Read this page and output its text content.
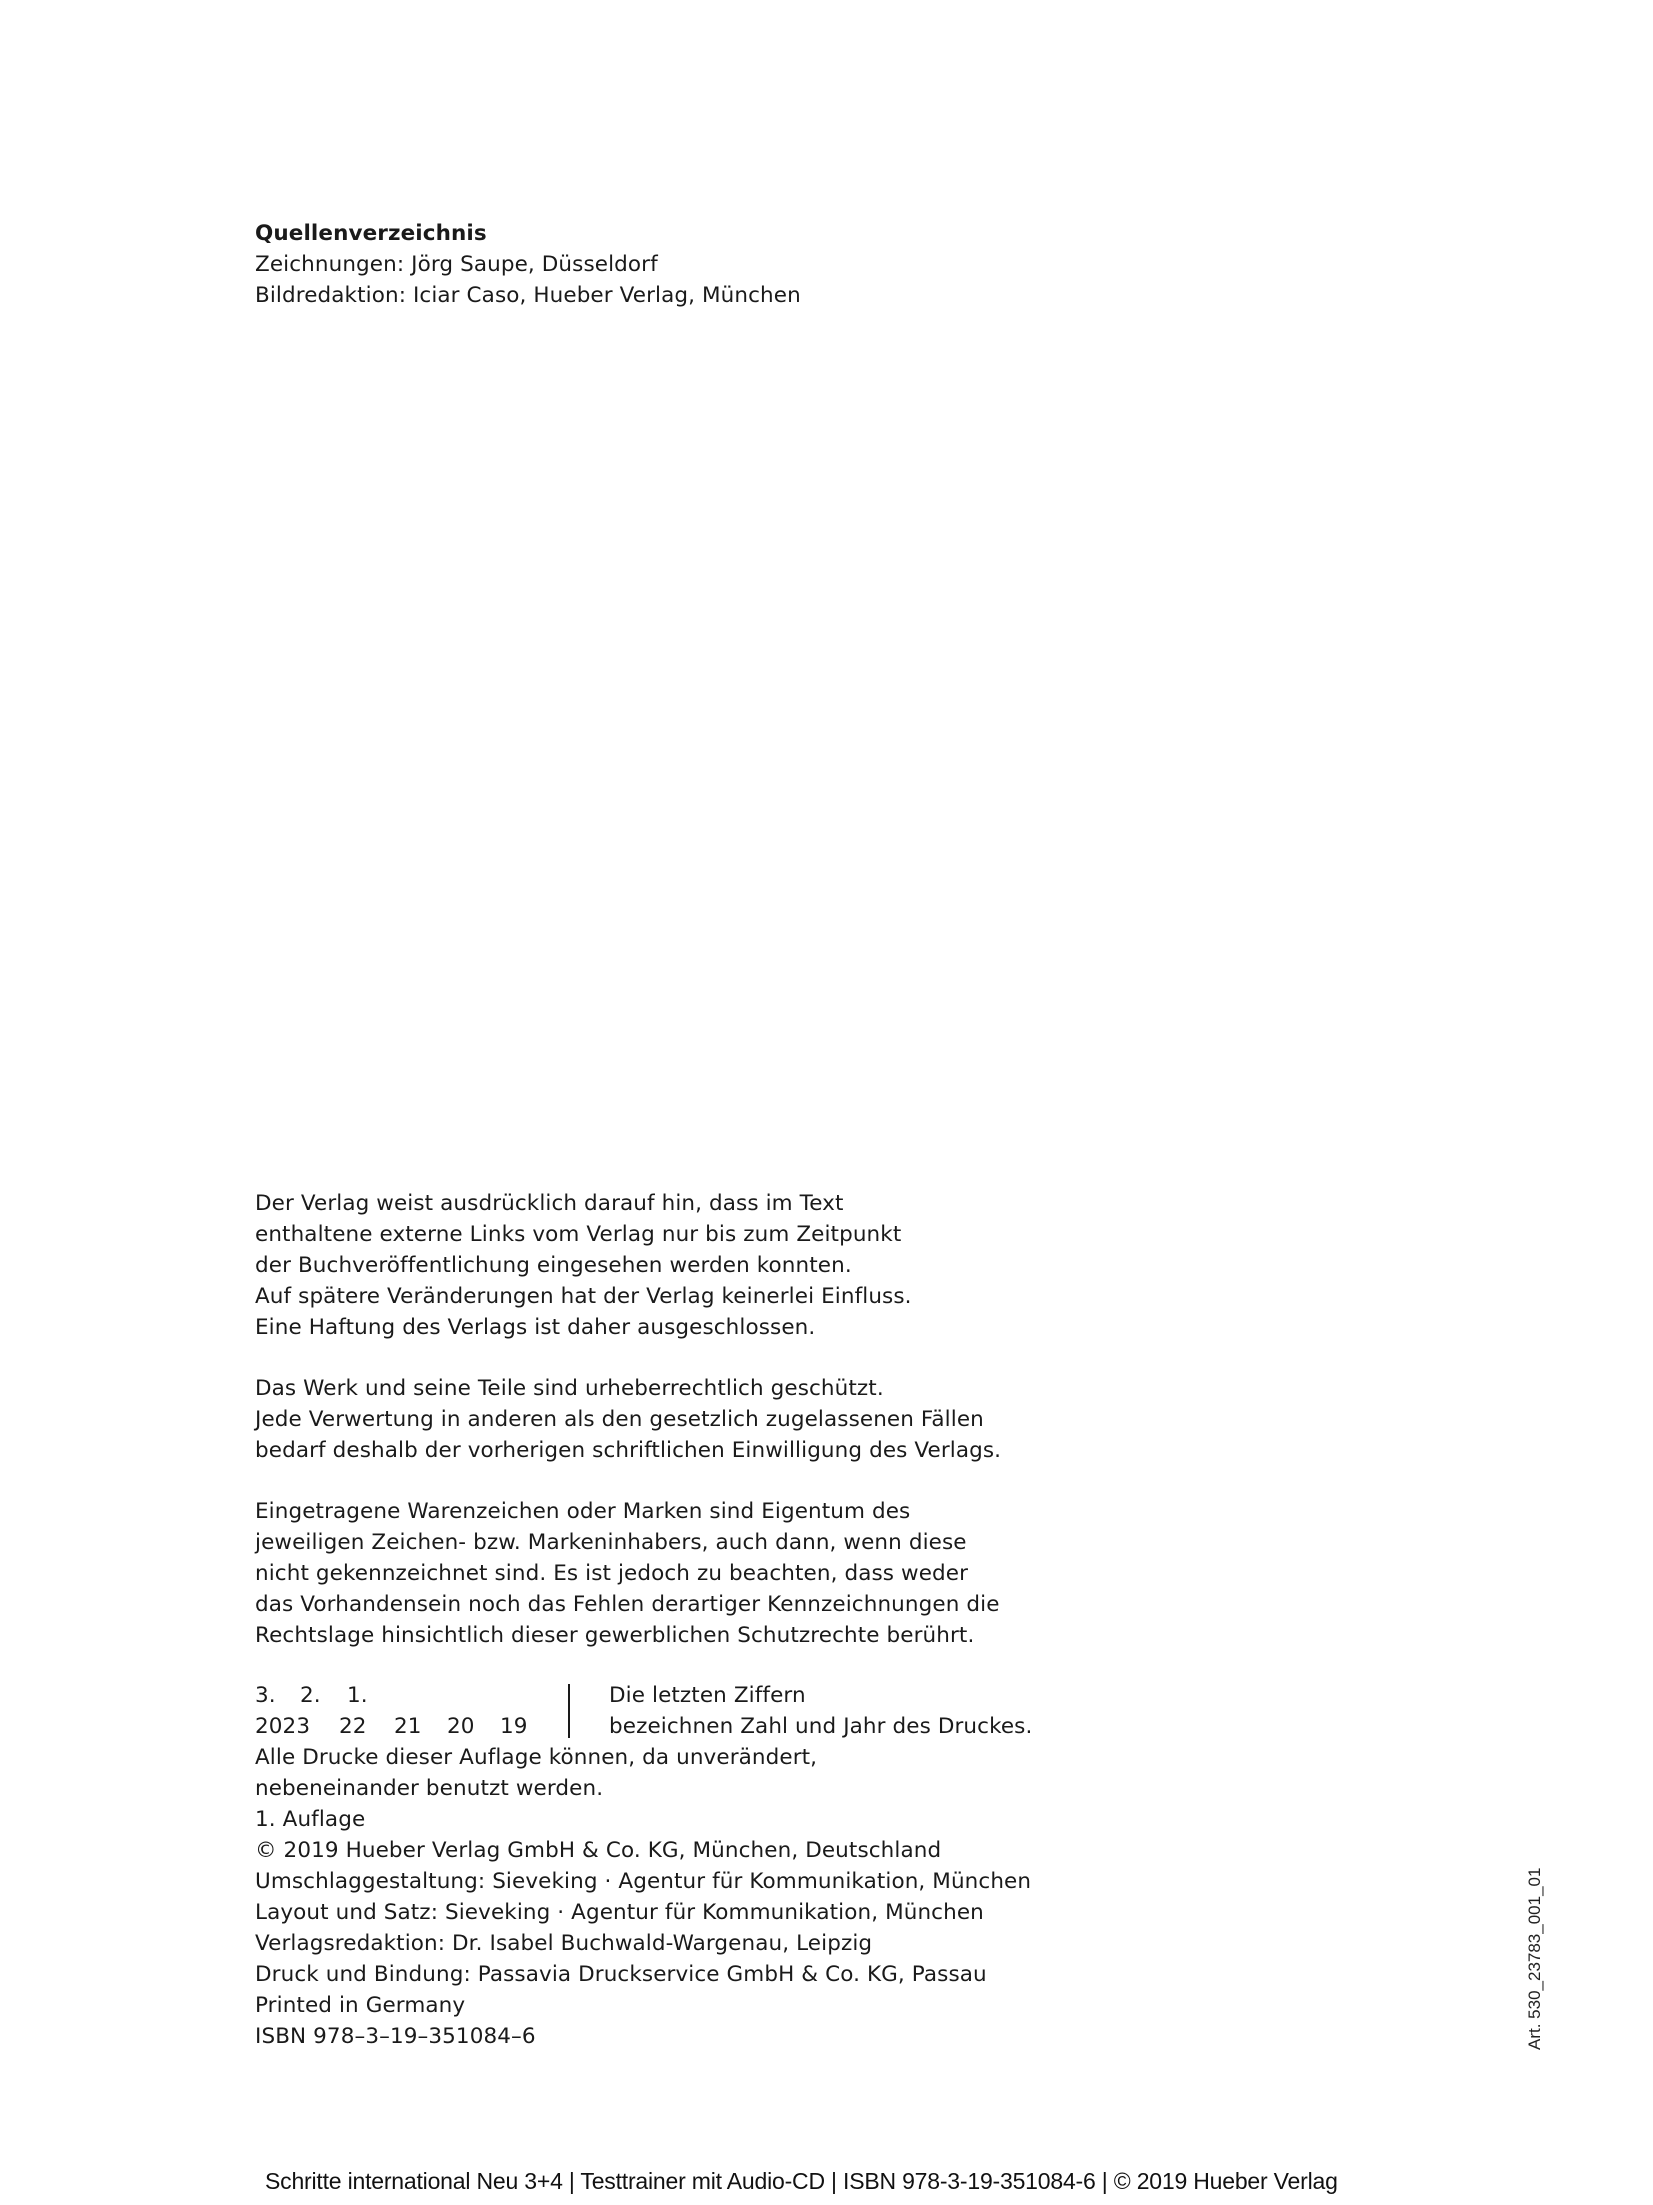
Quellenverzeichnis
Zeichnungen: Jörg Saupe, Düsseldorf
Bildredaktion: Iciar Caso, Hueber Verlag, München
Der Verlag weist ausdrücklich darauf hin, dass im Text
enthaltene externe Links vom Verlag nur bis zum Zeitpunkt
der Buchveröffentlichung eingesehen werden konnten.
Auf spätere Veränderungen hat der Verlag keinerlei Einfluss.
Eine Haftung des Verlags ist daher ausgeschlossen.
Das Werk und seine Teile sind urheberrechtlich geschützt.
Jede Verwertung in anderen als den gesetzlich zugelassenen Fällen
bedarf deshalb der vorherigen schriftlichen Einwilligung des Verlags.
Eingetragene Warenzeichen oder Marken sind Eigentum des
jeweiligen Zeichen- bzw. Markeninhabers, auch dann, wenn diese
nicht gekennzeichnet sind. Es ist jedoch zu beachten, dass weder
das Vorhandensein noch das Fehlen derartiger Kennzeichnungen die
Rechtslage hinsichtlich dieser gewerblichen Schutzrechte berührt.
3.	2.	1.
2023	22	21	20	19
Die letzten Ziffern
bezeichnen Zahl und Jahr des Druckes.
Alle Drucke dieser Auflage können, da unverändert,
nebeneinander benutzt werden.
1. Auflage
© 2019 Hueber Verlag GmbH & Co. KG, München, Deutschland
Umschlaggestaltung: Sieveking · Agentur für Kommunikation, München
Layout und Satz: Sieveking · Agentur für Kommunikation, München
Verlagsredaktion: Dr. Isabel Buchwald-Wargenau, Leipzig
Druck und Bindung: Passavia Druckservice GmbH & Co. KG, Passau
Printed in Germany
ISBN 978–3–19–351084–6	Art. 530_23783_001_01
Schritte international Neu 3+4 | Testtrainer mit Audio-CD | ISBN 978-3-19-351084-6 | © 2019 Hueber Verlag
